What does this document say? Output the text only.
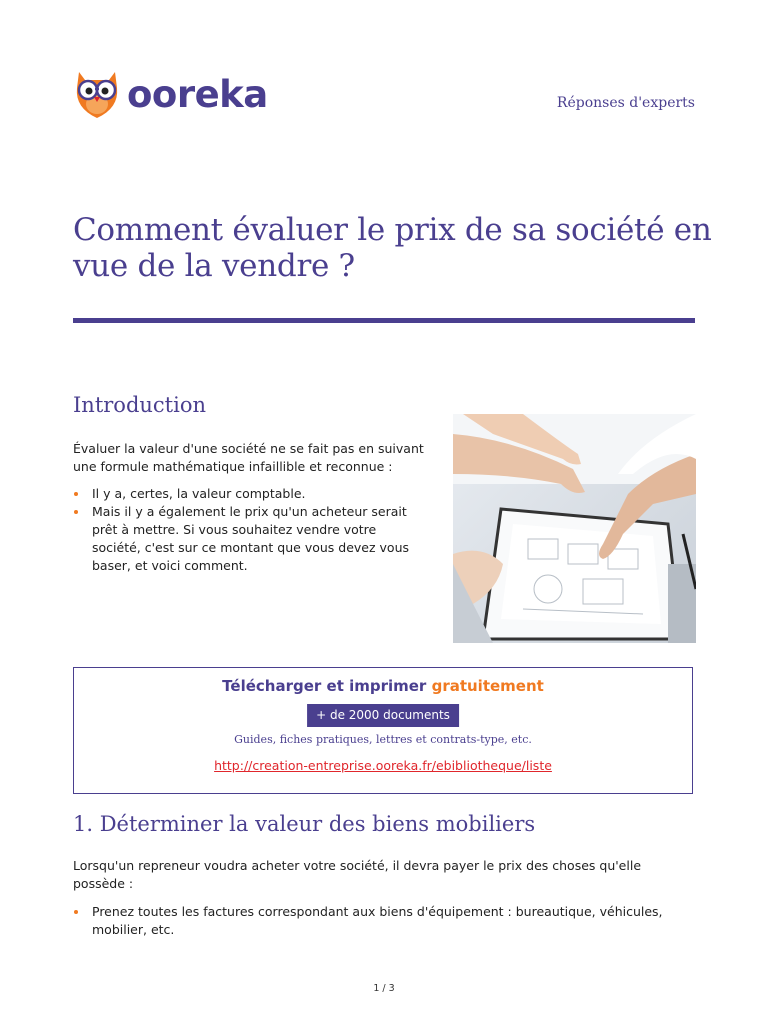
ooreka	Réponses d'experts
Comment évaluer le prix de sa société en vue de la vendre ?
Introduction

Évaluer la valeur d'une société ne se fait pas en suivant une formule mathématique infaillible et reconnue :

Il y a, certes, la valeur comptable.
Mais il y a également le prix qu'un acheteur serait prêt à mettre. Si vous souhaitez vendre votre société, c'est sur ce montant que vous devez vous baser, et voici comment.
Télécharger et imprimer gratuitement
+ de 2000 documents
Guides, fiches pratiques, lettres et contrats-type, etc.
http://creation-entreprise.ooreka.fr/ebibliotheque/liste
1. Déterminer la valeur des biens mobiliers

Lorsqu'un repreneur voudra acheter votre société, il devra payer le prix des choses qu'elle possède :

Prenez toutes les factures correspondant aux biens d'équipement : bureautique, véhicules, mobilier, etc.
1 / 3
